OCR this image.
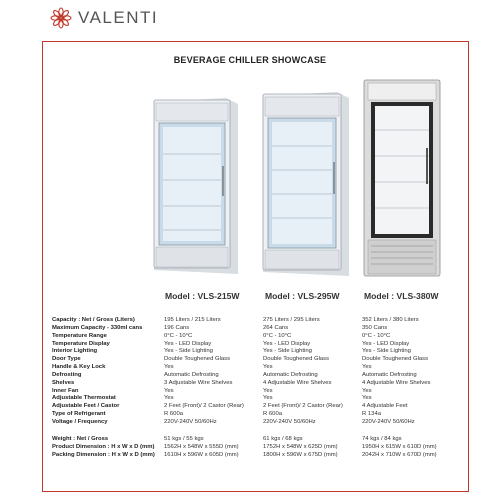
VALENTI
BEVERAGE CHILLER SHOWCASE
Model : VLS-215W	Model : VLS-295W	Model : VLS-380W
Capacity : Net / Gross (Liters)	195 Liters / 215 Liters	275 Liters / 295 Liters	352 Liters / 380 Liters
Maximum Capacity - 330ml cans	196 Cans	264 Cans	350 Cans
Temperature Range	0°C - 10°C	0°C - 10°C	0°C - 10°C
Temperature Display	Yes - LED Display	Yes - LED Display	Yes - LED Display
Interior Lighting	Yes - Side Lighting	Yes - Side Lighting	Yes - Side Lighting
Door Type	Double Toughened Glass	Double Toughened Glass	Double Toughened Glass
Handle & Key Lock	Yes	Yes	Yes
Defrosting	Automatic Defrosting	Automatic Defrosting	Automatic Defrosting
Shelves	3 Adjustable Wire Shelves	4 Adjustable Wire Shelves	4 Adjustable Wire Shelves
Inner Fan	Yes	Yes	Yes
Adjustable Thermostat	Yes	Yes	Yes
Adjustable Feet / Castor	2 Feet (Front)/ 2 Castor (Rear)	2 Feet (Front)/ 2 Castor (Rear)	4 Adjustable Feet
Type of Refrigerant	R 600a	R 600a	R 134a
Voltage / Frequency	220V-240V 50/60Hz	220V-240V 50/60Hz	220V-240V 50/60Hz
Weight : Net / Gross	51 kgs / 55 kgs	61 kgs / 68 kgs	74 kgs / 84 kgs
Product Dimension : H x W x D (mm)	1562H x 548W x 555D (mm)	1752H x 548W x 625D (mm)	1950H x 615W x 610D (mm)
Packing Dimension : H x W x D (mm)	1610H x 596W x 605D (mm)	1800H x 596W x 675D (mm)	2042H x 710W x 670D (mm)
